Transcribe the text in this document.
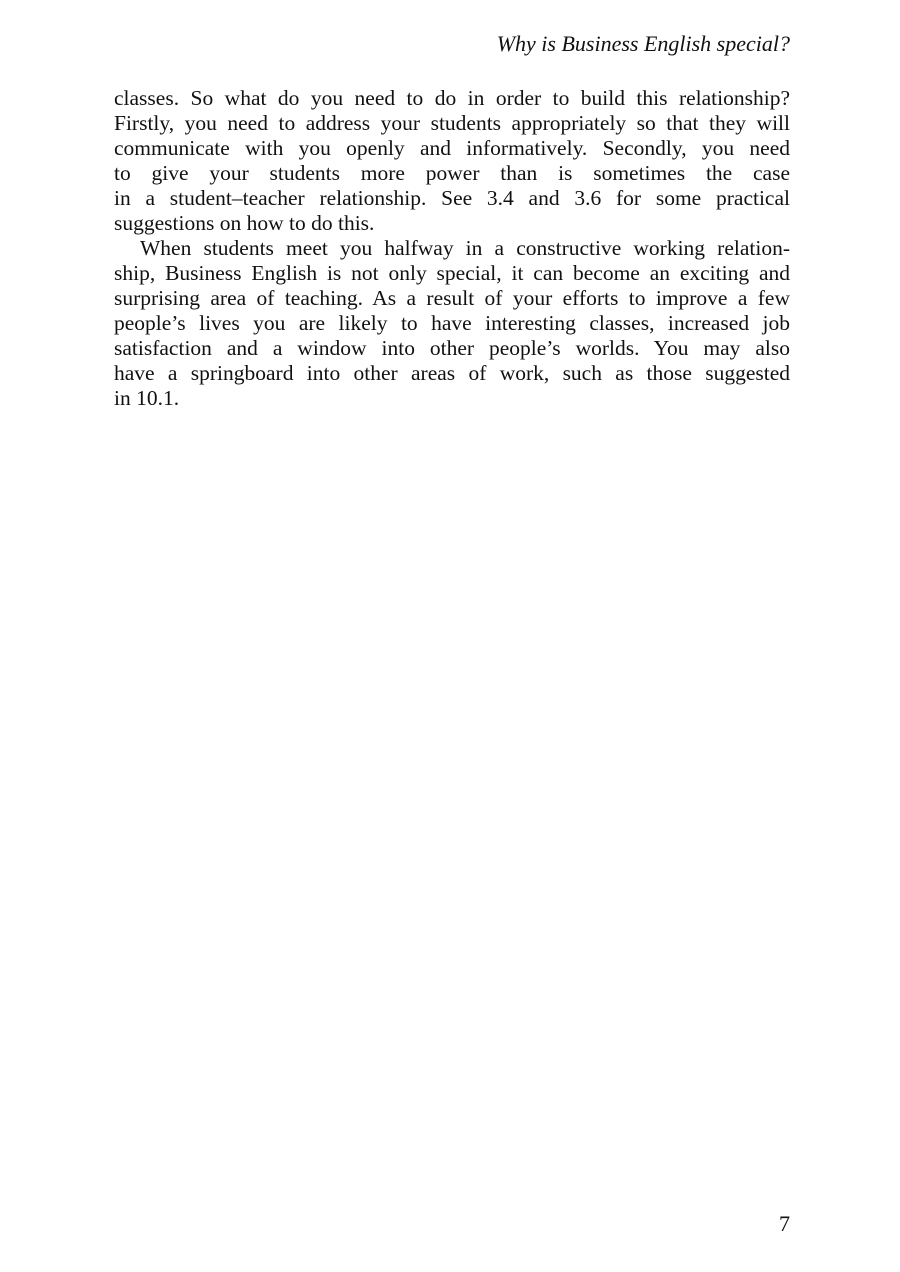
Why is Business English special?
classes. So what do you need to do in order to build this relationship?
Firstly, you need to address your students appropriately so that they will
communicate with you openly and informatively. Secondly, you need
to give your students more power than is sometimes the case
in a student–teacher relationship. See 3.4 and 3.6 for some practical
suggestions on how to do this.
When students meet you halfway in a constructive working relation-
ship, Business English is not only special, it can become an exciting and
surprising area of teaching. As a result of your efforts to improve a few
people’s lives you are likely to have interesting classes, increased job
satisfaction and a window into other people’s worlds. You may also
have a springboard into other areas of work, such as those suggested
in 10.1.
7
